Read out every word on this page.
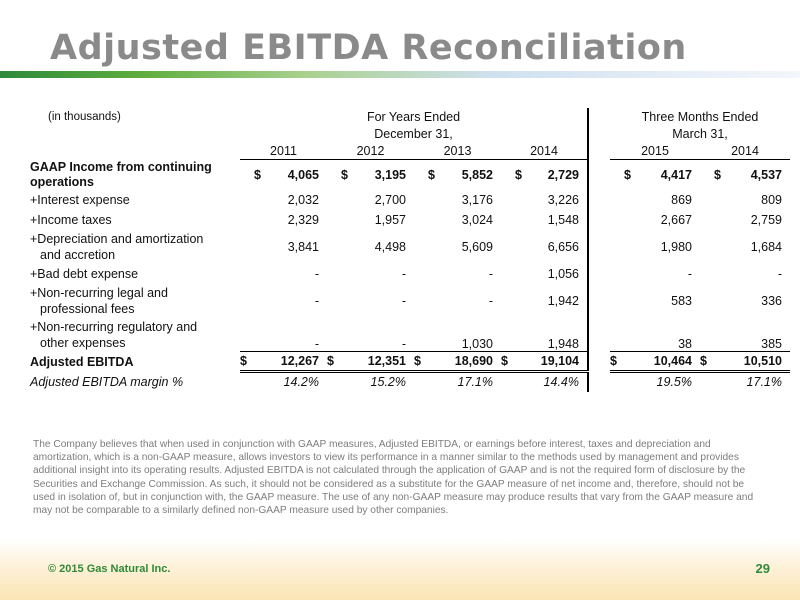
Adjusted EBITDA Reconciliation
(in thousands)	For Years Ended					Three Months Ended	
	December 31,					March 31,	
	2011	2012	2013	2014		2015	2014
GAAP Income from continuing
operations	$ 4,065	$ 3,195	$ 5,852	$ 2,729		$ 4,417	$ 4,537
+Interest expense	2,032	2,700	3,176	3,226		869	809
+Income taxes	2,329	1,957	3,024	1,548		2,667	2,759
+Depreciation and amortization
and accretion	3,841	4,498	5,609	6,656		1,980	1,684
+Bad debt expense	-	-	-	1,056		-	-
+Non-recurring legal and
professional fees	-	-	-	1,942		583	336
+Non-recurring regulatory and
other expenses	-	-	1,030	1,948		38	385
Adjusted EBITDA	$ 12,267	$ 12,351	$ 18,690	$ 19,104		$ 10,464	$ 10,510
Adjusted EBITDA margin %	14.2%	15.2%	17.1%	14.4%		19.5%	17.1%
The Company believes that when used in conjunction with GAAP measures, Adjusted EBITDA, or earnings before interest, taxes and depreciation and amortization, which is a non-GAAP measure, allows investors to view its performance in a manner similar to the methods used by management and provides additional insight into its operating results. Adjusted EBITDA is not calculated through the application of GAAP and is not the required form of disclosure by the Securities and Exchange Commission. As such, it should not be considered as a substitute for the GAAP measure of net income and, therefore, should not be used in isolation of, but in conjunction with, the GAAP measure. The use of any non-GAAP measure may produce results that vary from the GAAP measure and may not be comparable to a similarly defined non-GAAP measure used by other companies.
© 2015 Gas Natural Inc.	29
